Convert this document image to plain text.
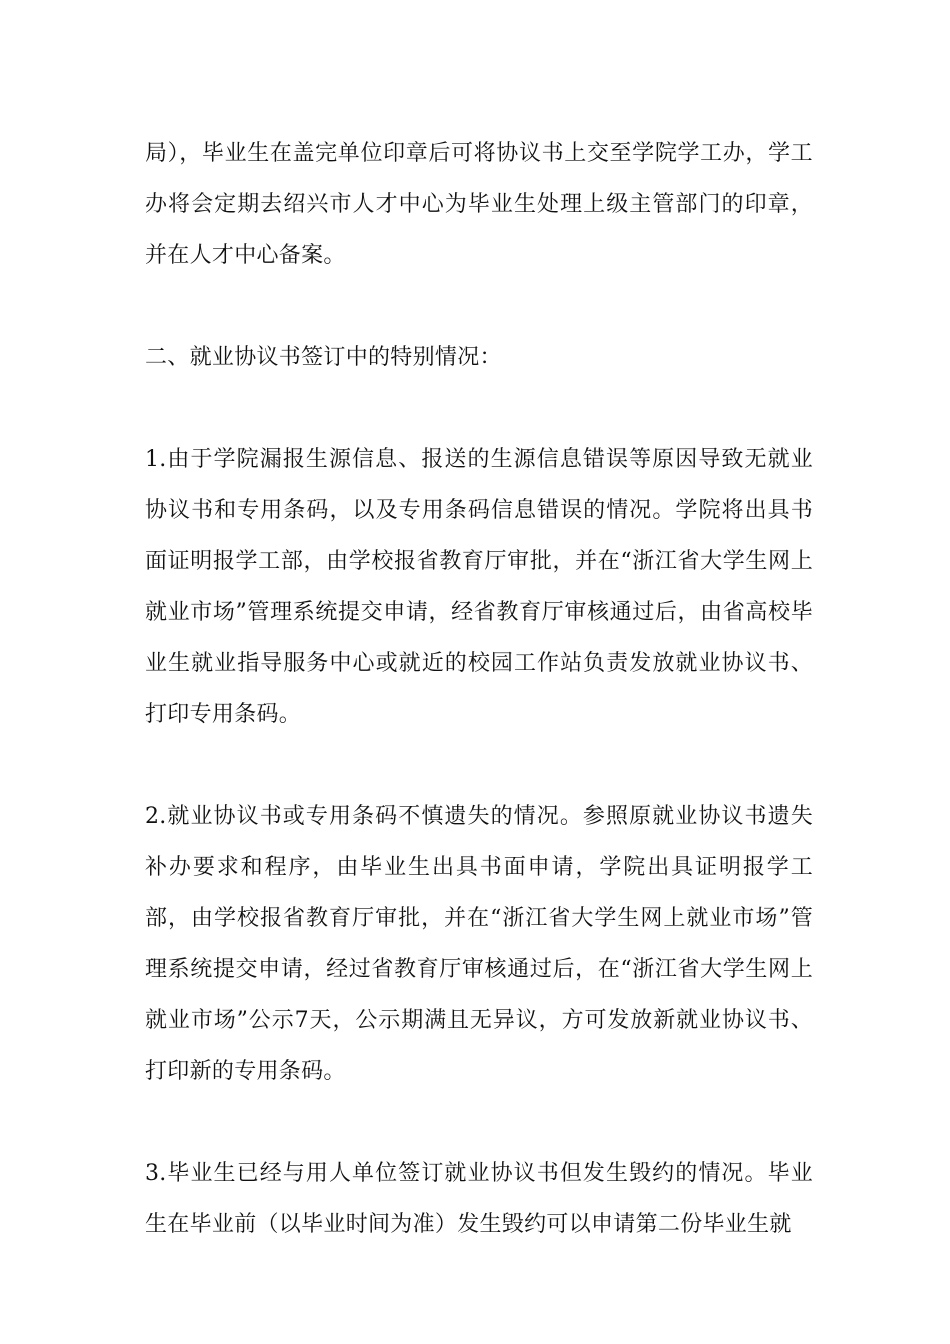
局），毕业生在盖完单位印章后可将协议书上交至学院学工办，学工办将会定期去绍兴市人才中心为毕业生处理上级主管部门的印章，并在人才中心备案。

二、就业协议书签订中的特别情况：

1.由于学院漏报生源信息、报送的生源信息错误等原因导致无就业协议书和专用条码，以及专用条码信息错误的情况。学院将出具书面证明报学工部，由学校报省教育厅审批，并在“浙江省大学生网上就业市场”管理系统提交申请，经省教育厅审核通过后，由省高校毕业生就业指导服务中心或就近的校园工作站负责发放就业协议书、打印专用条码。

2.就业协议书或专用条码不慎遗失的情况。参照原就业协议书遗失补办要求和程序，由毕业生出具书面申请，学院出具证明报学工部，由学校报省教育厅审批，并在“浙江省大学生网上就业市场”管理系统提交申请，经过省教育厅审核通过后，在“浙江省大学生网上就业市场”公示7天，公示期满且无异议，方可发放新就业协议书、打印新的专用条码。

3.毕业生已经与用人单位签订就业协议书但发生毁约的情况。毕业生在毕业前（以毕业时间为准）发生毁约可以申请第二份毕业生就
